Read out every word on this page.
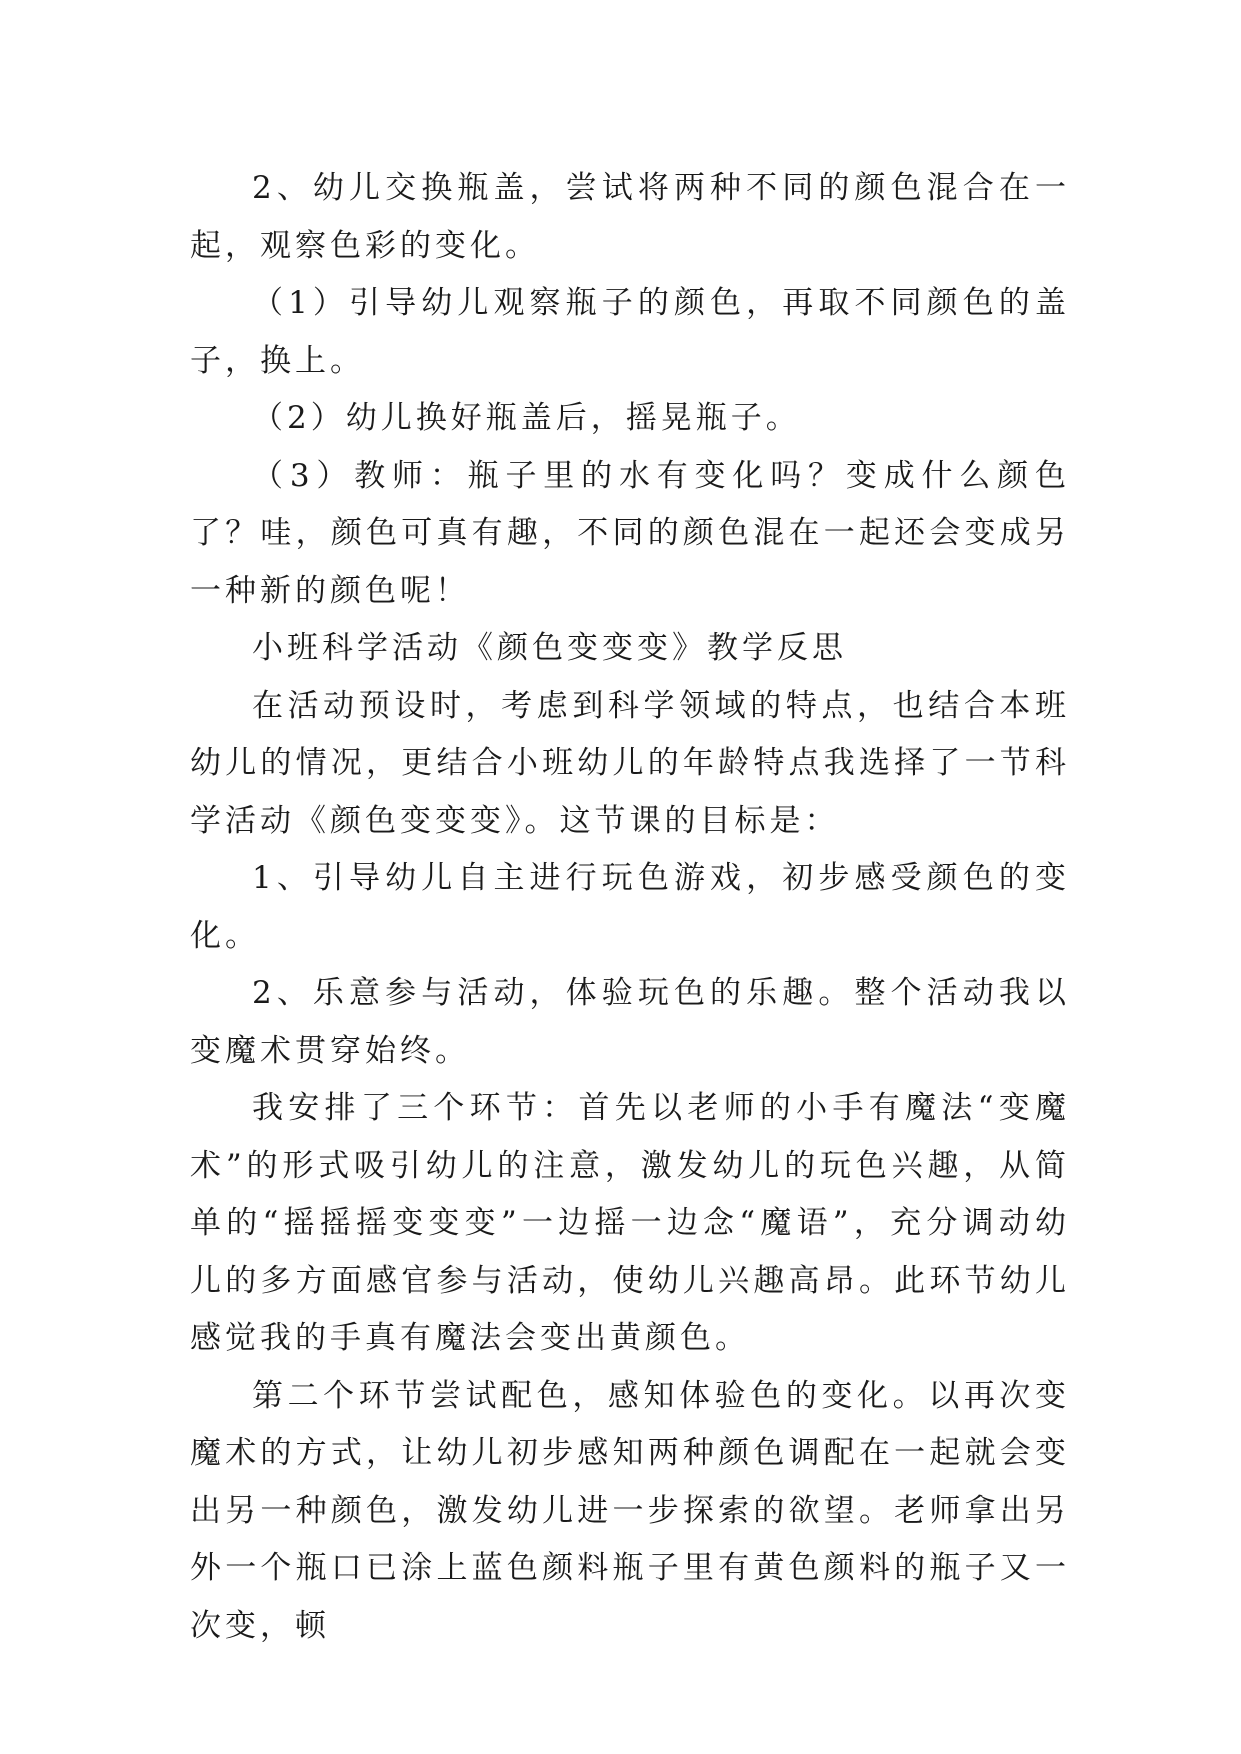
2、幼儿交换瓶盖，尝试将两种不同的颜色混合在一起，观察色彩的变化。

（1）引导幼儿观察瓶子的颜色，再取不同颜色的盖子，换上。

（2）幼儿换好瓶盖后，摇晃瓶子。

（3）教师：瓶子里的水有变化吗？变成什么颜色了？哇，颜色可真有趣，不同的颜色混在一起还会变成另一种新的颜色呢！

小班科学活动《颜色变变变》教学反思

在活动预设时，考虑到科学领域的特点，也结合本班幼儿的情况，更结合小班幼儿的年龄特点我选择了一节科学活动《颜色变变变》。这节课的目标是：

1、引导幼儿自主进行玩色游戏，初步感受颜色的变化。

2、乐意参与活动，体验玩色的乐趣。整个活动我以变魔术贯穿始终。

我安排了三个环节：首先以老师的小手有魔法“变魔术”的形式吸引幼儿的注意，激发幼儿的玩色兴趣，从简单的“摇摇摇变变变”一边摇一边念“魔语”，充分调动幼儿的多方面感官参与活动，使幼儿兴趣高昂。此环节幼儿感觉我的手真有魔法会变出黄颜色。

第二个环节尝试配色，感知体验色的变化。以再次变魔术的方式，让幼儿初步感知两种颜色调配在一起就会变出另一种颜色，激发幼儿进一步探索的欲望。老师拿出另外一个瓶口已涂上蓝色颜料瓶子里有黄色颜料的瓶子又一次变，顿
